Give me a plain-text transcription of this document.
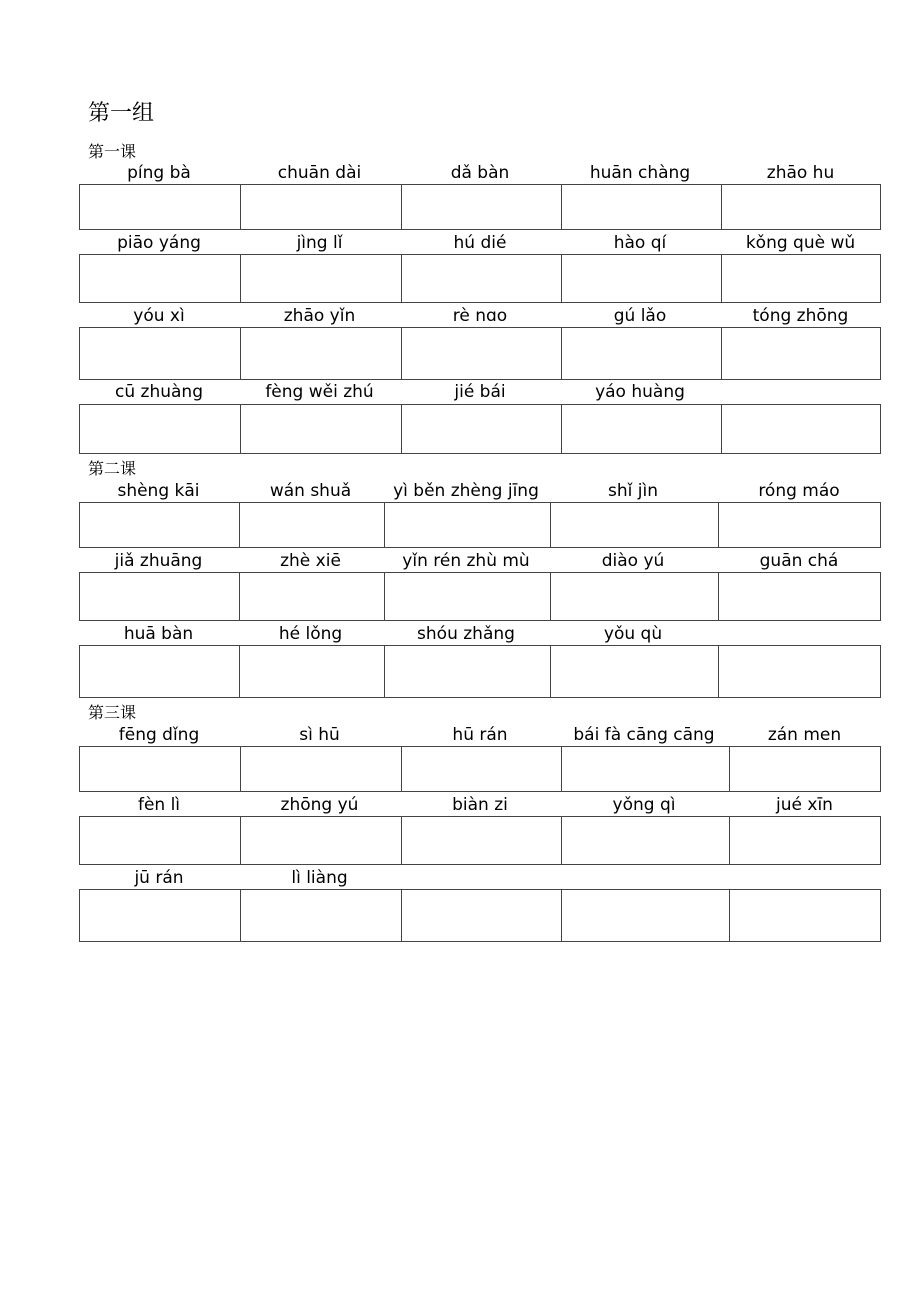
第一组
第一课
píng bà	chuān dài	dǎ bàn	huān chàng	zhāo hu
piāo yáng	jìng lǐ	hú dié	hào qí	kǒng què wǔ
yóu xì	zhāo yǐn	rè nɑo	gú lǎo	tóng zhōng
cū zhuàng	fèng wěi zhú	jié bái	yáo huàng
第二课
shèng kāi	wán shuǎ	yì běn zhèng jīng	shǐ jìn	róng máo
jiǎ zhuāng	zhè xiē	yǐn rén zhù mù	diào yú	guān chá
huā bàn	hé lǒng	shóu zhǎng	yǒu qù
第三课
fēng dǐng	sì hū	hū rán	bái fà cāng cāng	zán men
fèn lì	zhōng yú	biàn zi	yǒng qì	jué xīn
jū rán	lì liàng
